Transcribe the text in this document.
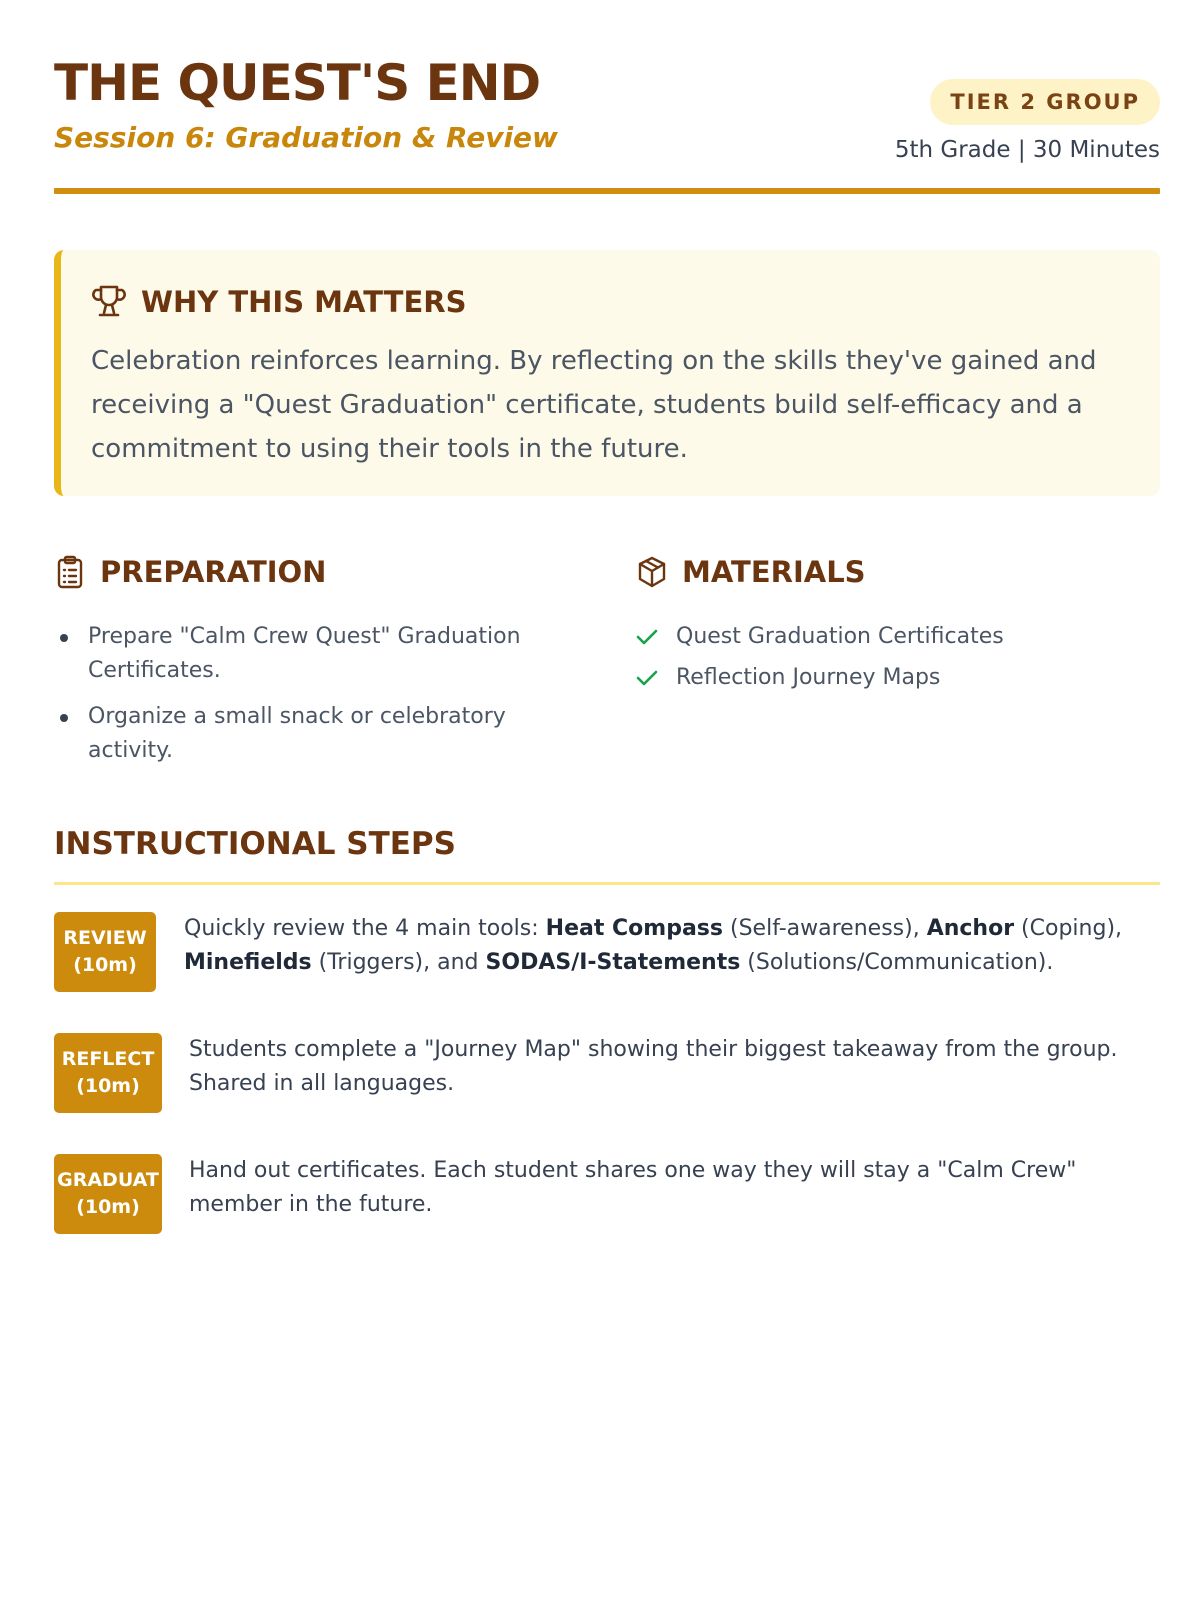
THE QUEST'S END
Session 6: Graduation & Review
TIER 2 GROUP
5th Grade | 30 Minutes
WHY THIS MATTERS
Celebration reinforces learning. By reflecting on the skills they've gained and receiving a "Quest Graduation" certificate, students build self-efficacy and a commitment to using their tools in the future.
PREPARATION
Prepare "Calm Crew Quest" Graduation Certificates.
Organize a small snack or celebratory activity.
MATERIALS
Quest Graduation Certificates
Reflection Journey Maps
INSTRUCTIONAL STEPS
REVIEW
(10m)
Quickly review the 4 main tools: Heat Compass (Self-awareness), Anchor (Coping), Minefields (Triggers), and SODAS/I-Statements (Solutions/Communication).
REFLECT
(10m)
Students complete a "Journey Map" showing their biggest takeaway from the group. Shared in all languages.
GRADUAT
(10m)
Hand out certificates. Each student shares one way they will stay a "Calm Crew" member in the future.
